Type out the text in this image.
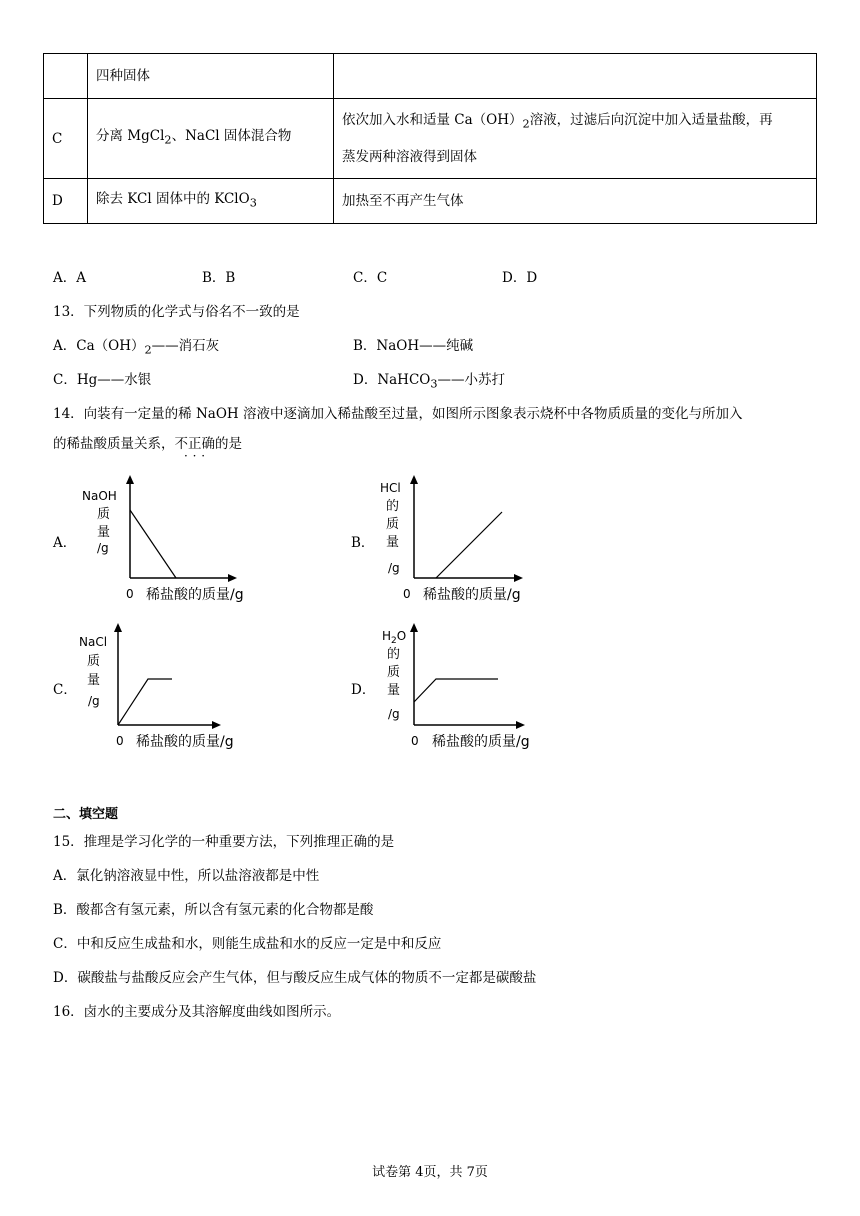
	四种固体	
C	分离 MgCl$_2$、NaCl 固体混合物	依次加入水和适量 $Ca(OH)_2$溶液，过滤后向沉淀中加入适量盐酸，再
蒸发两种溶液得到固体
D	除去 KCl 固体中的 KClO$_3$	加热至不再产生气体
A．A	B．B	C．C	D．D
13．下列物质的化学式与俗名不一致的是
A．$Ca(OH)_2——$消石灰	B．NaOH——纯碱
C．Hg——水银	D．NaHCO$_3$——小苏打
14．向装有一定量的稀 NaOH 溶液中逐滴加入稀盐酸至过量，如图所示图象表示烧杯中各物质质量的变化与所加入
的稀盐酸质量关系，不正确 · · ·的是
A．
NaOH
质
量
/g
0 稀盐酸的质量/g
B．
HCl
的
质
量
/g
0 稀盐酸的质量/g
C．
NaCl
质
量
/g
0 稀盐酸的质量/g
D．
$H_2O$
的
质
量
/g
0 稀盐酸的质量/g
二、填空题
15．推理是学习化学的一种重要方法，下列推理正确的是
A．氯化钠溶液显中性，所以盐溶液都是中性
B．酸都含有氢元素，所以含有氢元素的化合物都是酸
C．中和反应生成盐和水，则能生成盐和水的反应一定是中和反应
D．碳酸盐与盐酸反应会产生气体，但与酸反应生成气体的物质不一定都是碳酸盐
16．卤水的主要成分及其溶解度曲线如图所示。
试卷第 4页，共 7页
